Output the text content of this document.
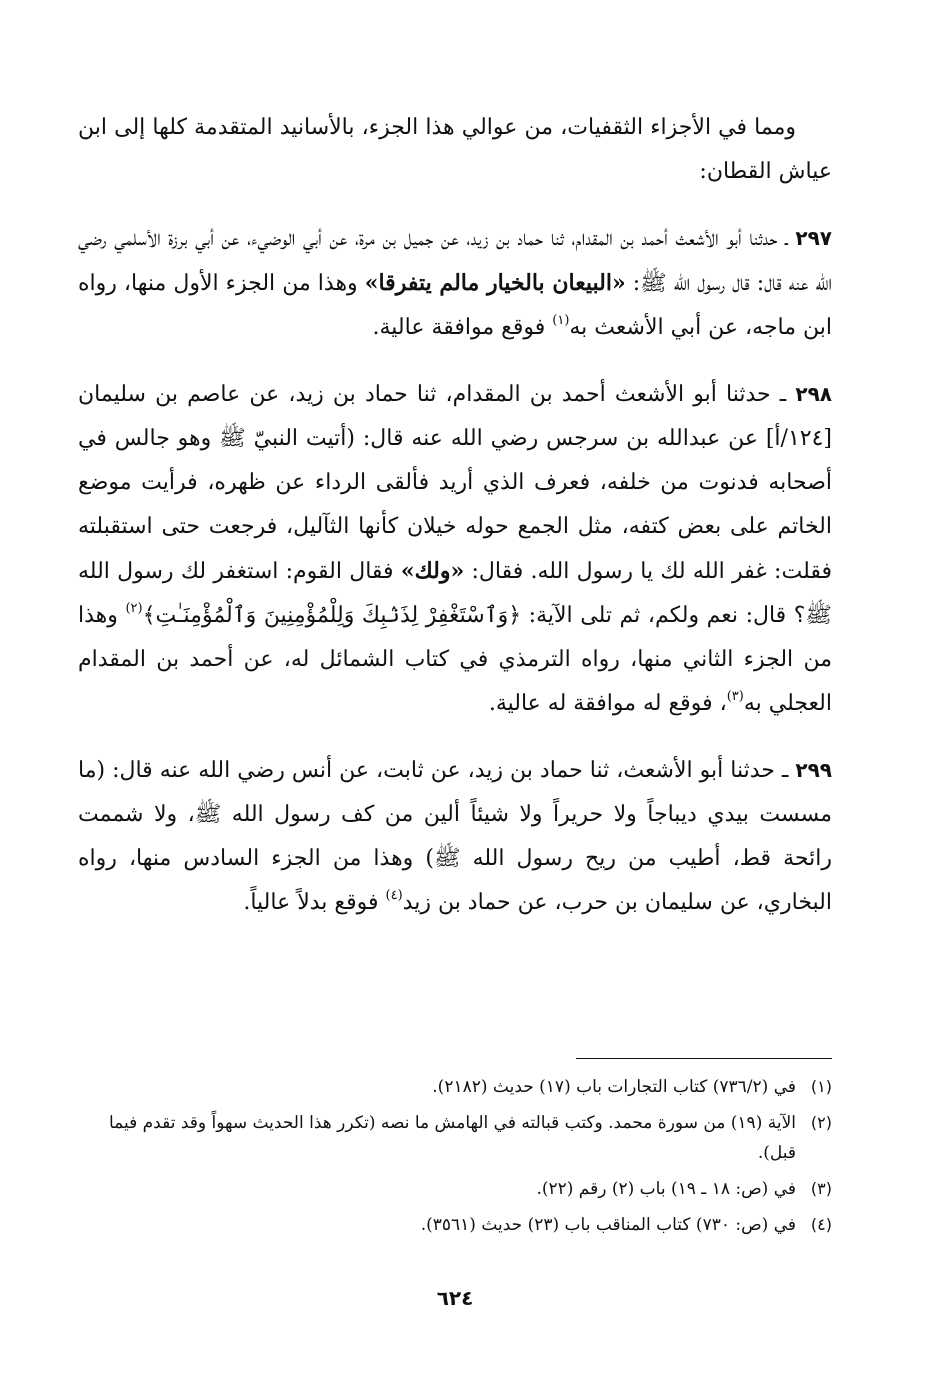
ومما في الأجزاء الثقفيات، من عوالي هذا الجزء، بالأسانيد المتقدمة كلها إلى ابن عياش القطان:

٢٩٧ ـ حدثنا أبو الأشعث أحمد بن المقدام، ثنا حماد بن زيد، عن جميل بن مرة، عن أبي الوضيء، عن أبي برزة الأسلمي رضي الله عنه قال: قال رسول الله ﷺ: «البيعان بالخيار مالم يتفرقا» وهذا من الجزء الأول منها، رواه ابن ماجه، عن أبي الأشعث به$^{(١)}$ فوقع موافقة عالية.

٢٩٨ ـ حدثنا أبو الأشعث أحمد بن المقدام، ثنا حماد بن زيد، عن عاصم بن سليمان [١٢٤/أ] عن عبدالله بن سرجس رضي الله عنه قال: (أتيت النبيّ ﷺ وهو جالس في أصحابه فدنوت من خلفه، فعرف الذي أريد فألقى الرداء عن ظهره، فرأيت موضع الخاتم على بعض كتفه، مثل الجمع حوله خيلان كأنها الثآليل، فرجعت حتى استقبلته فقلت: غفر الله لك يا رسول الله. فقال: «ولك» فقال القوم: استغفر لك رسول الله ﷺ؟ قال: نعم ولكم، ثم تلى الآية: ﴿وَٱسْتَغْفِرْ لِذَنۢبِكَ وَلِلْمُؤْمِنِينَ وَٱلْمُؤْمِنَـٰتِ﴾$^{(٢)}$ وهذا من الجزء الثاني منها، رواه الترمذي في كتاب الشمائل له، عن أحمد بن المقدام العجلي به$^{(٣)}$، فوقع له موافقة له عالية.

٢٩٩ ـ حدثنا أبو الأشعث، ثنا حماد بن زيد، عن ثابت، عن أنس رضي الله عنه قال: (ما مسست بيدي ديباجاً ولا حريراً ولا شيئاً ألين من كف رسول الله ﷺ، ولا شممت رائحة قط، أطيب من ريح رسول الله ﷺ) وهذا من الجزء السادس منها، رواه البخاري، عن سليمان بن حرب، عن حماد بن زيد$^{(٤)}$ فوقع بدلاً عالياً.

(١)
في (٧٣٦/٢) كتاب التجارات باب (١٧) حديث (٢١٨٢).
(٢)
الآية (١٩) من سورة محمد. وكتب قبالته في الهامش ما نصه (تكرر هذا الحديث سهواً وقد تقدم فيما قبل).
(٣)
في (ص: ١٨ ـ ١٩) باب (٢) رقم (٢٢).
(٤)
في (ص: ٧٣٠) كتاب المناقب باب (٢٣) حديث (٣٥٦١).
٦٢٤
